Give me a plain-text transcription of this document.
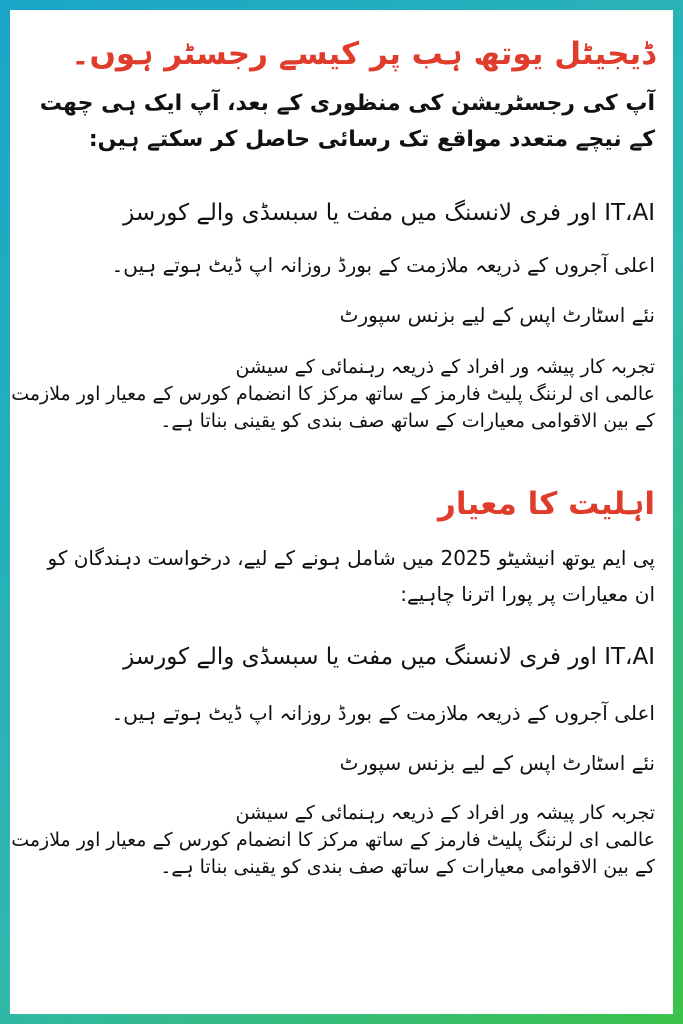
ڈیجیٹل یوتھ ہب پر کیسے رجسٹر ہوں۔
آپ کی رجسٹریشن کی منظوری کے بعد، آپ ایک ہی چھت کے نیچے متعدد مواقع تک رسائی حاصل کر سکتے ہیں:
IT،AI اور فری لانسنگ میں مفت یا سبسڈی والے کورسز
اعلی آجروں کے ذریعہ ملازمت کے بورڈ روزانہ اپ ڈیٹ ہوتے ہیں۔
نئے اسٹارٹ اپس کے لیے بزنس سپورٹ
تجربہ کار پیشہ ور افراد کے ذریعہ رہنمائی کے سیشن
عالمی ای لرننگ پلیٹ فارمز کے ساتھ مرکز کا انضمام کورس کے معیار اور ملازمت
کے بین الاقوامی معیارات کے ساتھ صف بندی کو یقینی بناتا ہے۔
اہلیت کا معیار
پی ایم یوتھ انیشیٹو 2025 میں شامل ہونے کے لیے، درخواست دہندگان کو ان معیارات پر پورا اترنا چاہیے:
IT،AI اور فری لانسنگ میں مفت یا سبسڈی والے کورسز
اعلی آجروں کے ذریعہ ملازمت کے بورڈ روزانہ اپ ڈیٹ ہوتے ہیں۔
نئے اسٹارٹ اپس کے لیے بزنس سپورٹ
تجربہ کار پیشہ ور افراد کے ذریعہ رہنمائی کے سیشن
عالمی ای لرننگ پلیٹ فارمز کے ساتھ مرکز کا انضمام کورس کے معیار اور ملازمت
کے بین الاقوامی معیارات کے ساتھ صف بندی کو یقینی بناتا ہے۔
